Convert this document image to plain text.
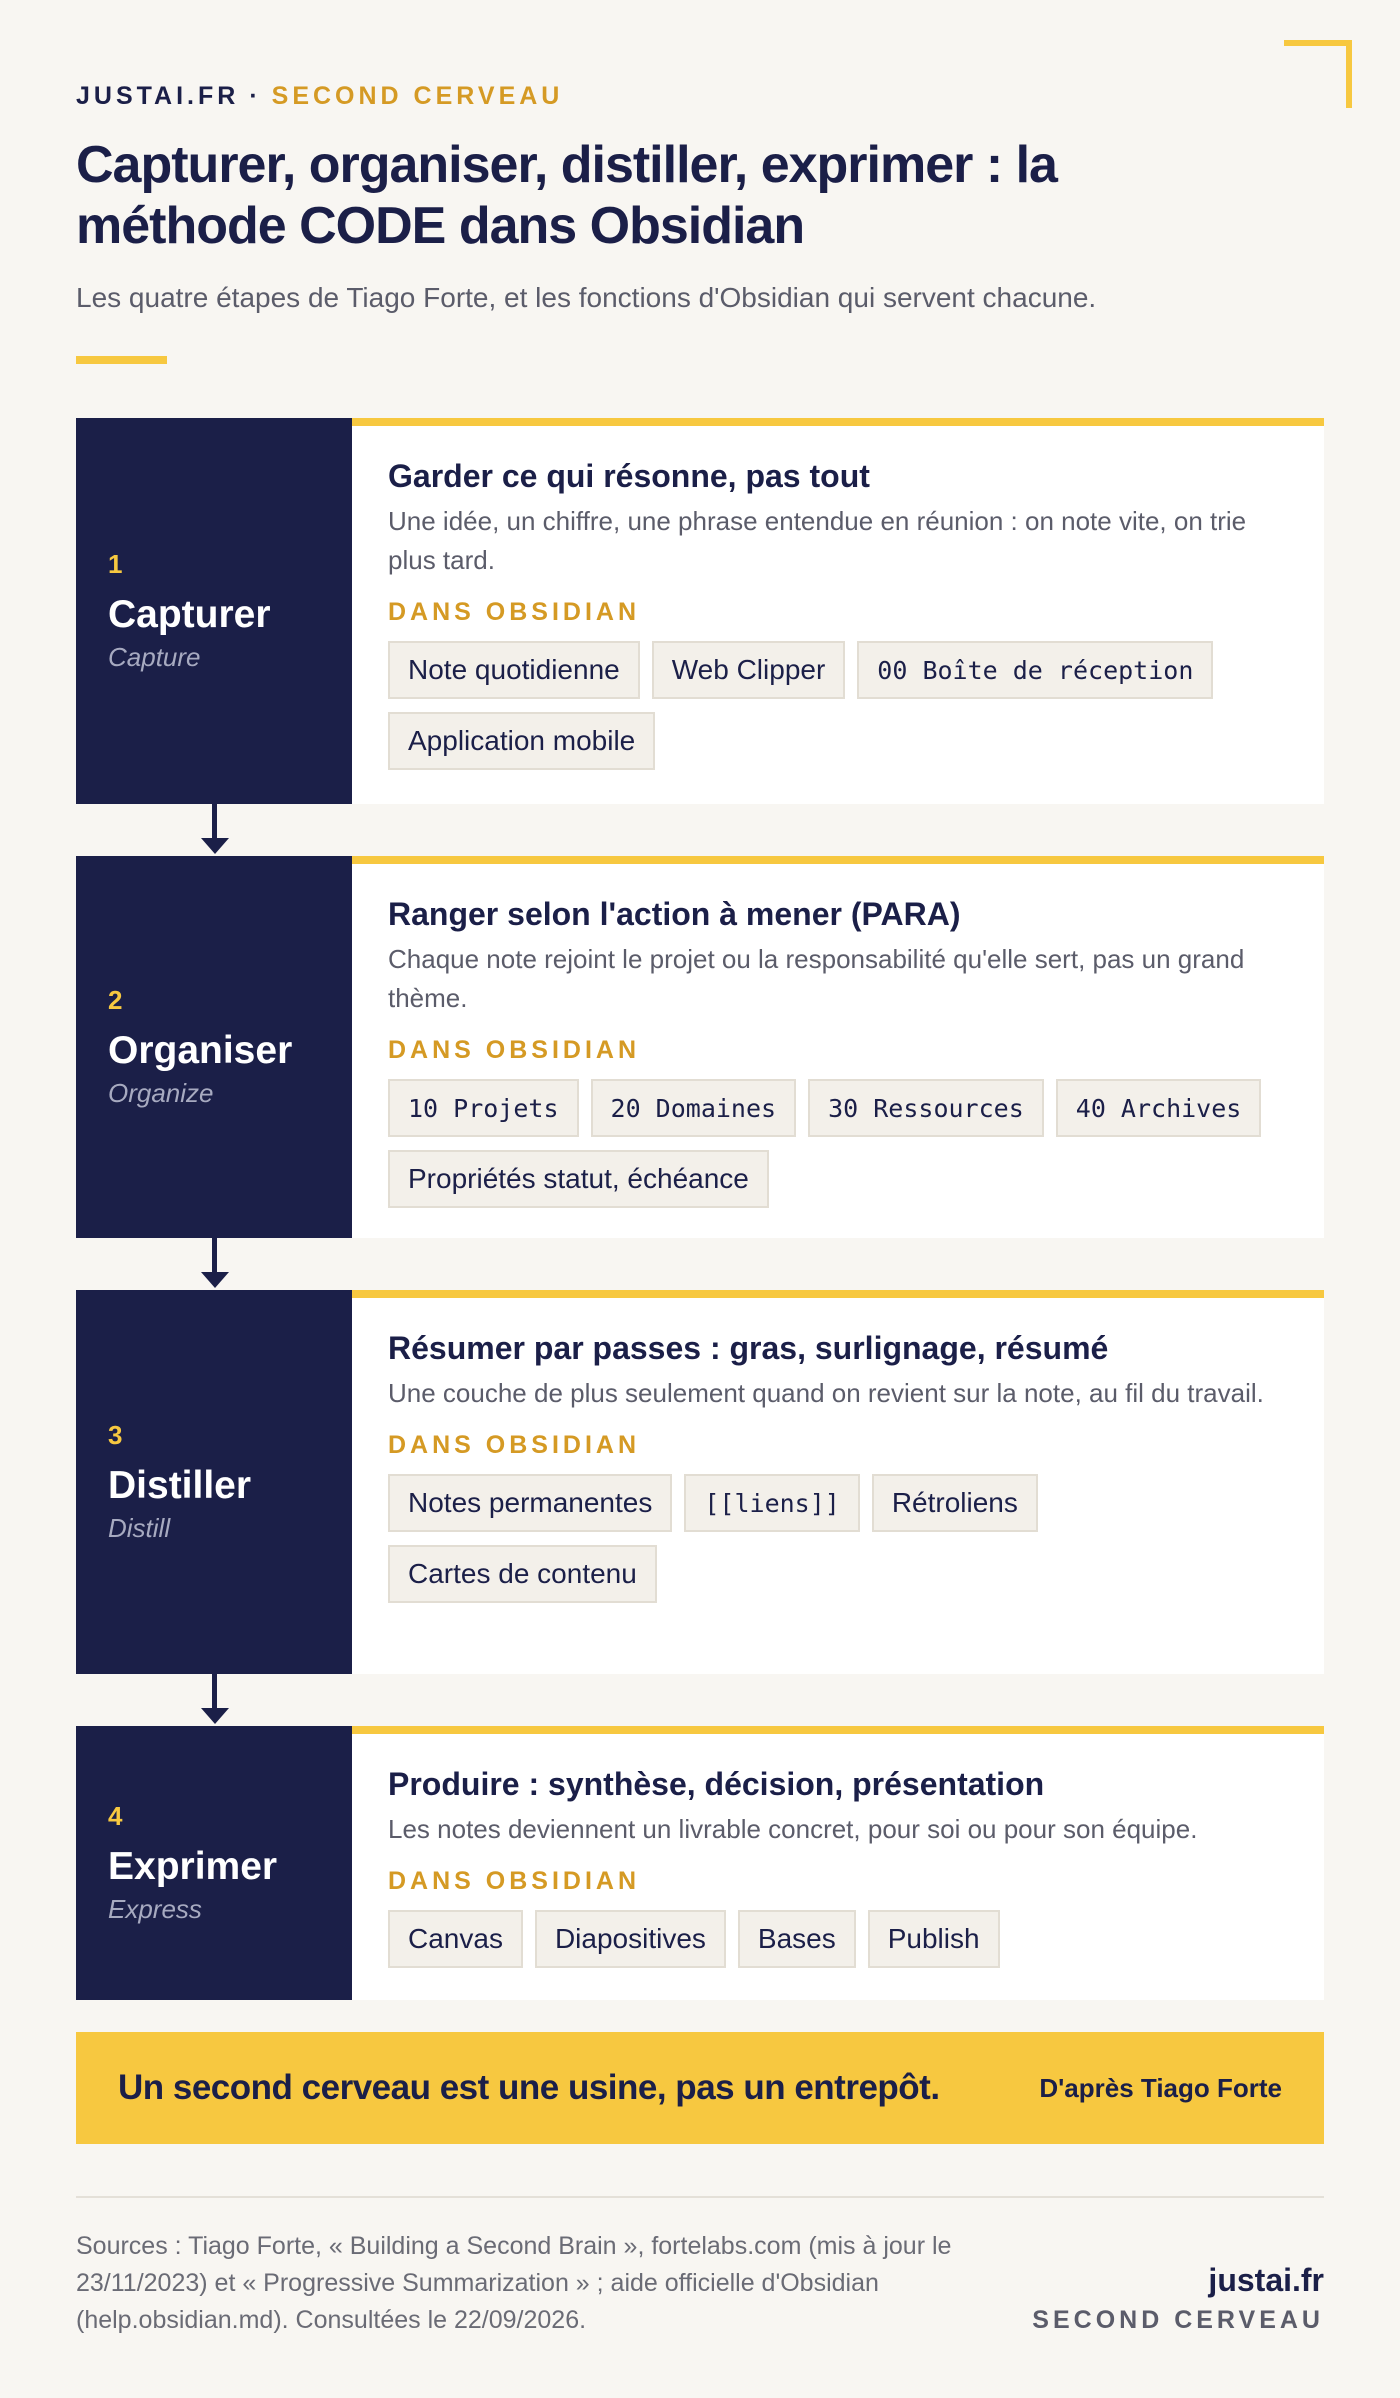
JUSTAI.FR · SECOND CERVEAU
Capturer, organiser, distiller, exprimer : la méthode CODE dans Obsidian

Les quatre étapes de Tiago Forte, et les fonctions d'Obsidian qui servent chacune.

1
Capturer
Capture
Garder ce qui résonne, pas tout
Une idée, un chiffre, une phrase entendue en réunion : on note vite, on trie plus tard.
DANS OBSIDIAN
Note quotidienne	Web Clipper	00 Boîte de réception
Application mobile
2
Organiser
Organize
Ranger selon l'action à mener (PARA)
Chaque note rejoint le projet ou la responsabilité qu'elle sert, pas un grand thème.
DANS OBSIDIAN
10 Projets	20 Domaines	30 Ressources	40 Archives
Propriétés statut, échéance
3
Distiller
Distill
Résumer par passes : gras, surlignage, résumé
Une couche de plus seulement quand on revient sur la note, au fil du travail.
DANS OBSIDIAN
Notes permanentes	[[liens]]	Rétroliens
Cartes de contenu
4
Exprimer
Express
Produire : synthèse, décision, présentation
Les notes deviennent un livrable concret, pour soi ou pour son équipe.
DANS OBSIDIAN
Canvas	Diapositives	Bases	Publish
Un second cerveau est une usine, pas un entrepôt.	D'après Tiago Forte

Sources : Tiago Forte, « Building a Second Brain », fortelabs.com (mis à jour le 23/11/2023) et « Progressive Summarization » ; aide officielle d'Obsidian (help.obsidian.md). Consultées le 22/09/2026.

justai.fr
SECOND CERVEAU
